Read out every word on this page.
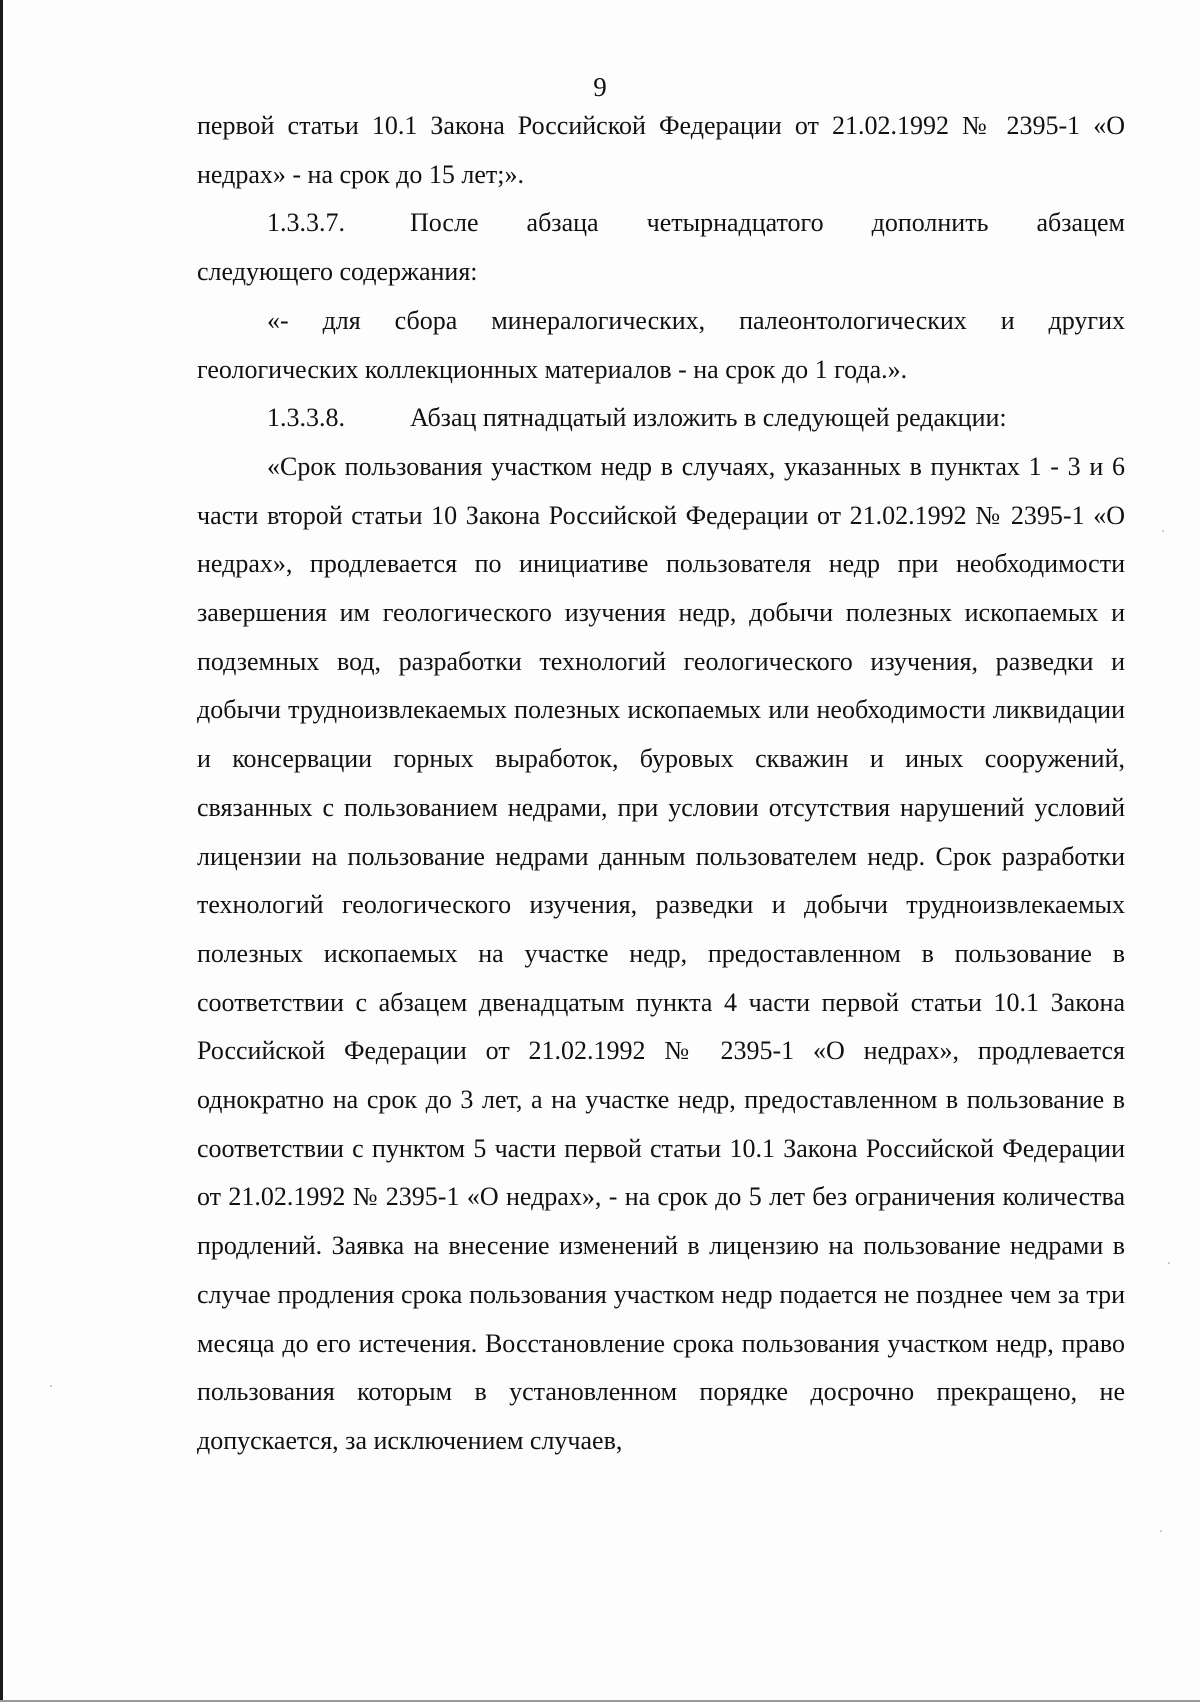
9

первой статьи 10.1 Закона Российской Федерации от 21.02.1992 № 2395-1 «О недрах» - на срок до 15 лет;».

1.3.3.7.	После абзаца четырнадцатого дополнить абзацем

следующего содержания:

«- для сбора минералогических, палеонтологических и других геологических коллекционных материалов - на срок до 1 года.».

1.3.3.8.	Абзац пятнадцатый изложить в следующей редакции:

«Срок пользования участком недр в случаях, указанных в пунктах 1 - 3 и 6 части второй статьи 10 Закона Российской Федерации от 21.02.1992 № 2395-1 «О недрах», продлевается по инициативе пользователя недр при необходимости завершения им геологического изучения недр, добычи полезных ископаемых и подземных вод, разработки технологий геологического изучения, разведки и добычи трудноизвлекаемых полезных ископаемых или необходимости ликвидации и консервации горных выработок, буровых скважин и иных сооружений, связанных с пользованием недрами, при условии отсутствия нарушений условий лицензии на пользование недрами данным пользователем недр. Срок разработки технологий геологического изучения, разведки и добычи трудноизвлекаемых полезных ископаемых на участке недр, предоставленном в пользование в соответствии с абзацем двенадцатым пункта 4 части первой статьи 10.1 Закона Российской Федерации от 21.02.1992 № 2395-1 «О недрах», продлевается однократно на срок до 3 лет, а на участке недр, предоставленном в пользование в соответствии с пунктом 5 части первой статьи 10.1 Закона Российской Федерации от 21.02.1992 № 2395-1 «О недрах», - на срок до 5 лет без ограничения количества продлений. Заявка на внесение изменений в лицензию на пользование недрами в случае продления срока пользования участком недр подается не позднее чем за три месяца до его истечения. Восстановление срока пользования участком недр, право пользования которым в установленном порядке досрочно прекращено, не допускается, за исключением случаев,
